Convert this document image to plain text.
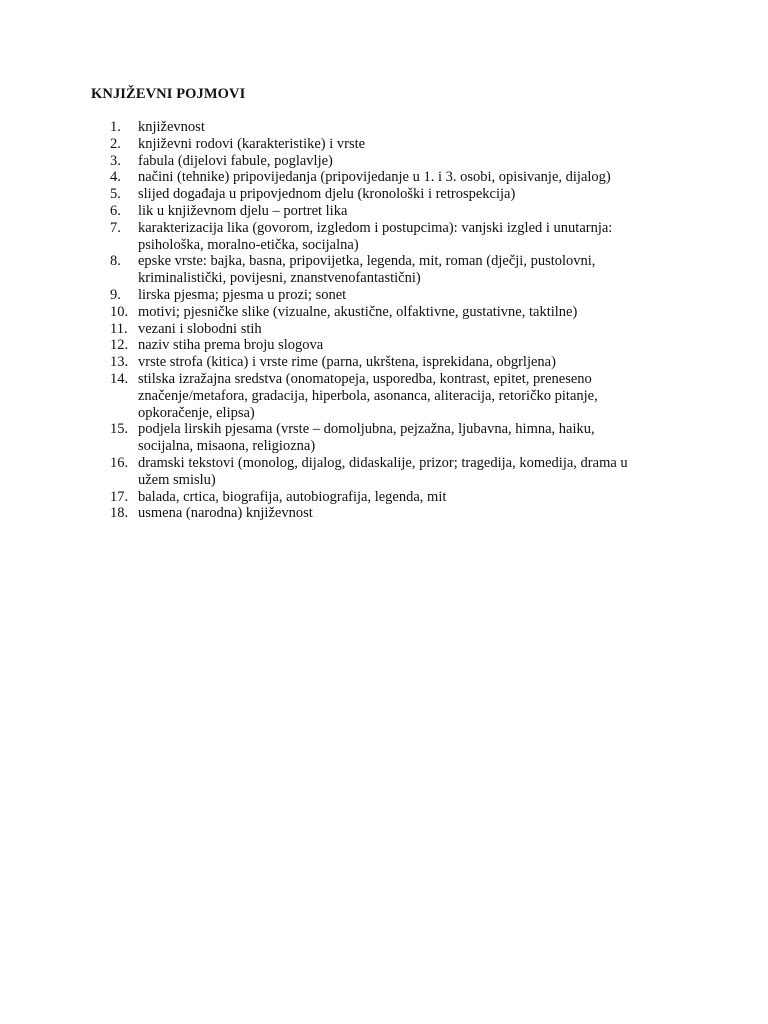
KNJIŽEVNI POJMOVI
1.	književnost
2.	književni rodovi (karakteristike) i vrste
3.	fabula (dijelovi fabule, poglavlje)
4.	načini (tehnike) pripovijedanja (pripovijedanje u 1. i 3. osobi, opisivanje, dijalog)
5.	slijed događaja u pripovjednom djelu (kronološki i retrospekcija)
6.	lik u književnom djelu – portret lika
7.	karakterizacija lika (govorom, izgledom i postupcima): vanjski izgled i unutarnja:
psihološka, moralno-etička, socijalna)
8.	epske vrste: bajka, basna, pripovijetka, legenda, mit, roman (dječji, pustolovni,
kriminalistički, povijesni, znanstvenofantastični)
9.	lirska pjesma; pjesma u prozi; sonet
10. motivi; pjesničke slike (vizualne, akustične, olfaktivne, gustativne, taktilne)
11. vezani i slobodni stih
12. naziv stiha prema broju slogova
13. vrste strofa (kitica) i vrste rime (parna, ukrštena, isprekidana, obgrljena)
14. stilska izražajna sredstva (onomatopeja, usporedba, kontrast, epitet, preneseno
značenje/metafora, gradacija, hiperbola, asonanca, aliteracija, retoričko pitanje,
opkoračenje, elipsa)
15. podjela lirskih pjesama (vrste – domoljubna, pejzažna, ljubavna, himna, haiku,
socijalna, misaona, religiozna)
16. dramski tekstovi (monolog, dijalog, didaskalije, prizor; tragedija, komedija, drama u
užem smislu)
17. balada, crtica, biografija, autobiografija, legenda, mit
18. usmena (narodna) književnost
